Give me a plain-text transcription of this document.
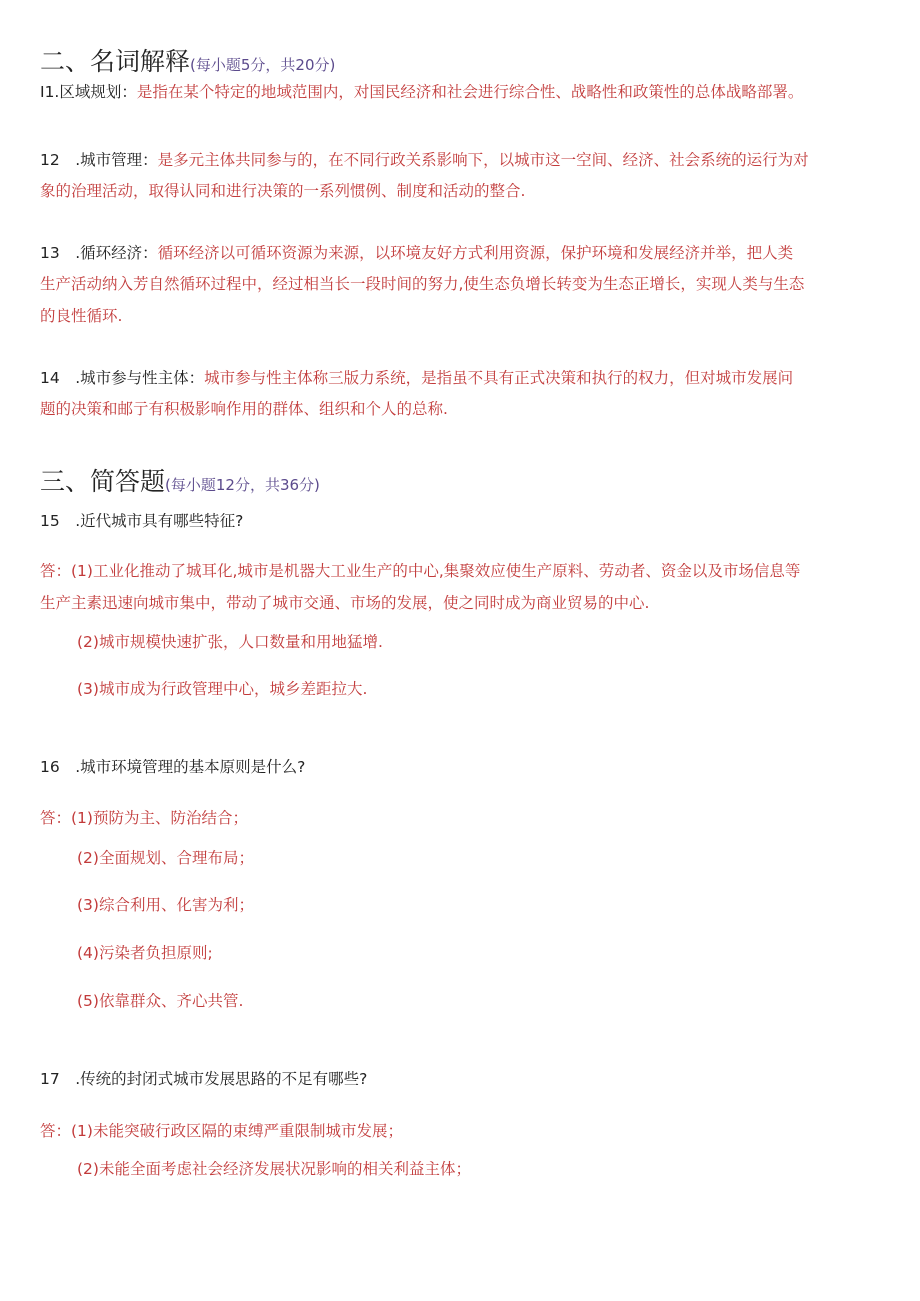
二、名词解释(每小题5分，共20分)
I1.区域规划：是指在某个特定的地域范围内，对国民经济和社会进行综合性、战略性和政策性的总体战略部署。
12　.城市管理：是多元主体共同参与的，在不同行政关系影响下，以城市这一空间、经济、社会系统的运行为对
象的治理活动，取得认同和进行决策的一系列惯例、制度和活动的整合.
13　.循环经济：循环经济以可循环资源为来源，以环境友好方式利用资源，保护环境和发展经济并举，把人类
生产活动纳入芳自然循环过程中，经过相当长一段时间的努力,使生态负增长转变为生态正增长，实现人类与生态
的良性循环.
14　.城市参与性主体：城市参与性主体称三版力系统，是指虽不具有正式决策和执行的权力，但对城市发展问
题的决策和邮亍有积极影响作用的群体、组织和个人的总称.
三、简答题(每小题12分，共36分)
15　.近代城市具有哪些特征?
答：(1)工业化推动了城耳化,城市是机器大工业生产的中心,集聚效应使生产原料、劳动者、资金以及市场信息等
生产主素迅速向城市集中，带动了城市交通、市场的发展，使之同时成为商业贸易的中心.
(2)城市规模快速扩张，人口数量和用地猛增.
(3)城市成为行政管理中心，城乡差距拉大.
16　.城市环境管理的基本原则是什么?
答：(1)预防为主、防治结合；
(2)全面规划、合理布局；
(3)综合利用、化害为利；
(4)污染者负担原则;
(5)依靠群众、齐心共管.
17　.传统的封闭式城市发展思路的不足有哪些?
答：(1)未能突破行政区隔的束缚严重限制城市发展；
(2)未能全面考虑社会经济发展状况影响的相关利益主体；
